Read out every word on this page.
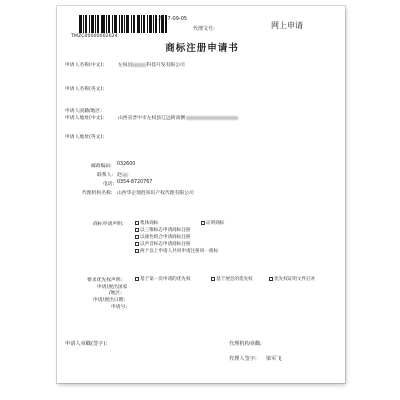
TMZC00000002624
2017-09-05
代理文号:	网上申请
商标注册申请书
申请人名称(中文):	左权县	科技开发有限公司
申请人名称(英文):
申请人国籍/地区:
申请人地址(中文):	山西省晋中市左权县辽远街南侧
申请人地址(英文):
邮政编码: 032600
联系人: 赵
电话: 0354-8720767
代理机构名称: 山西华企鼎胜知识产权代理有限公司
商标申请声明:	集体商标	证明商标
以三维标志申请商标注册
以颜色组合申请商标注册
以声音标志申请商标注册
两个以上申请人共同申请注册同一商标
要求优先权声明:	基于第一次申请的优先权	基于展会的优先权	优先权证明文件后补
申请/展出国家
/地区:
申请/展出日期:
申请号:
申请人章戳(签字):	代理机构章戳:
代理人签字: 梁军飞
